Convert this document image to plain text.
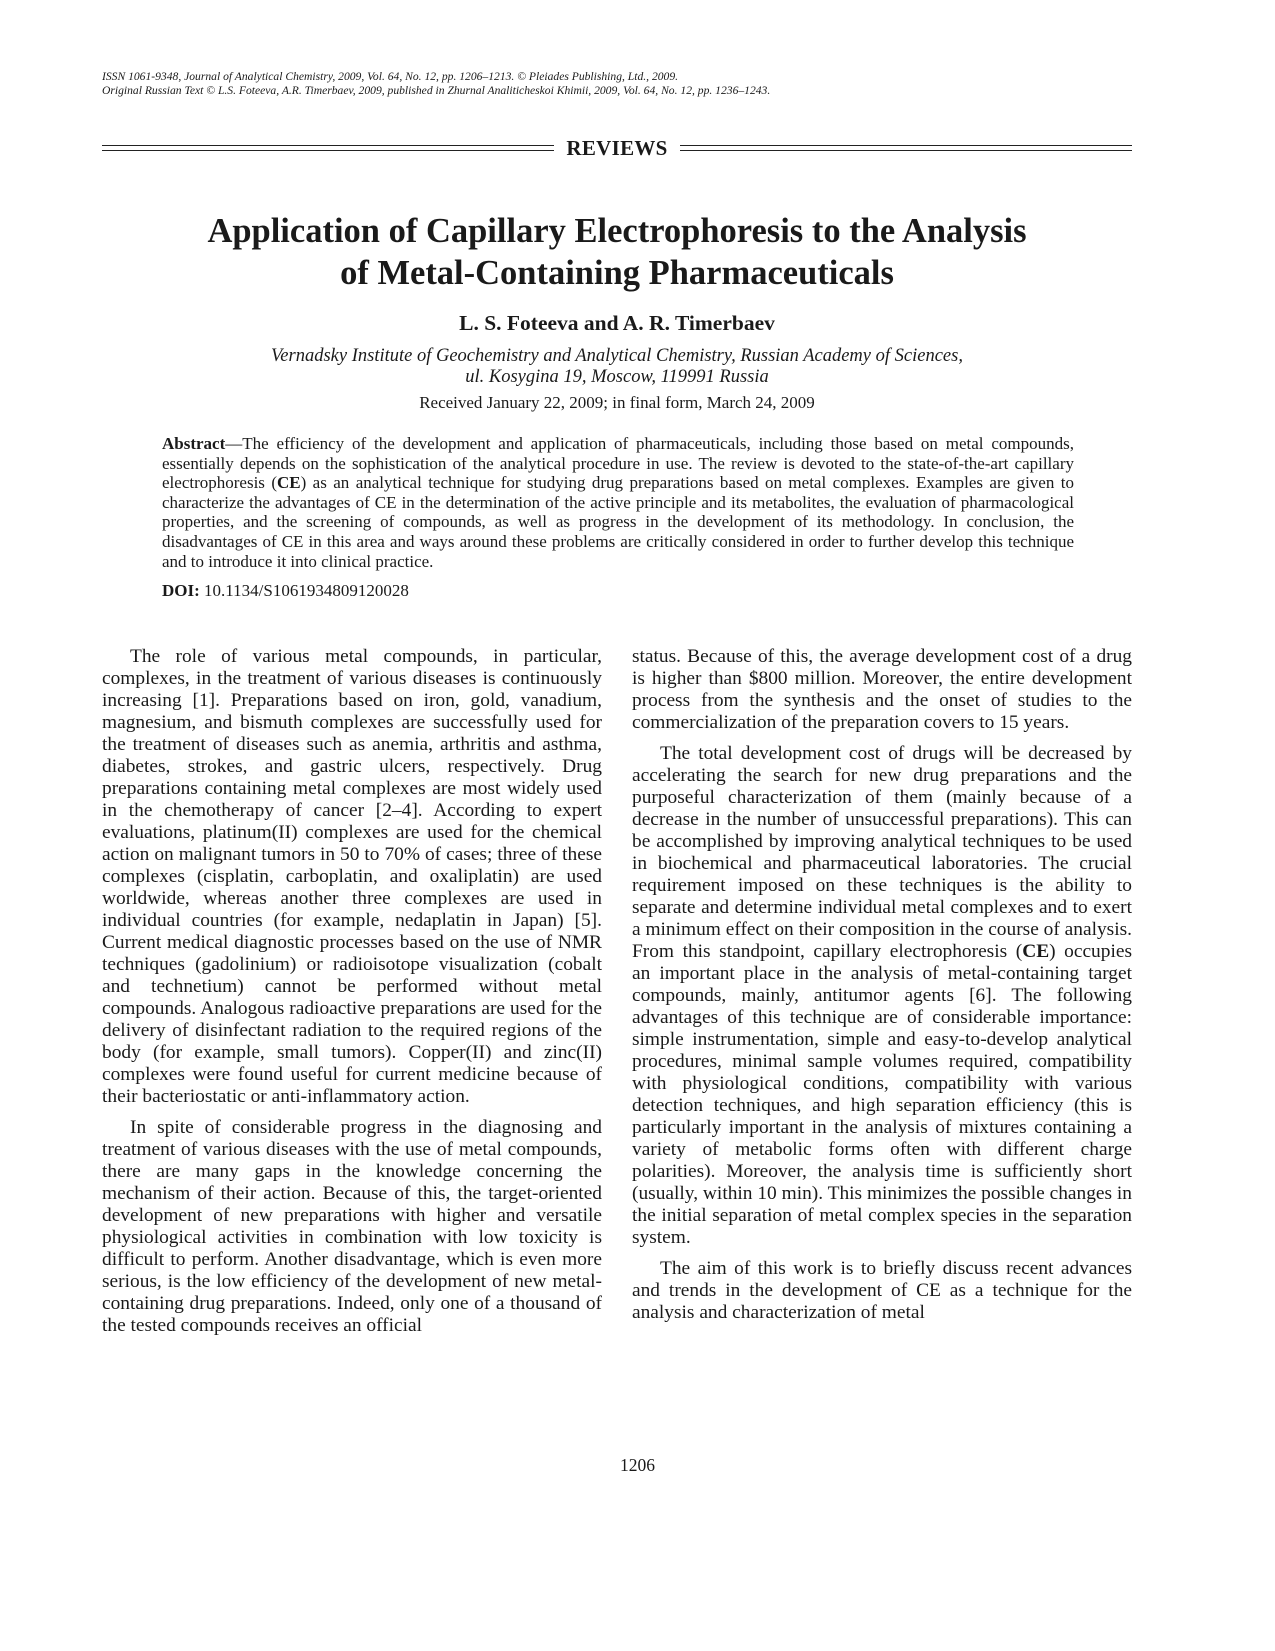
ISSN 1061-9348, Journal of Analytical Chemistry, 2009, Vol. 64, No. 12, pp. 1206–1213. © Pleiades Publishing, Ltd., 2009.
Original Russian Text © L.S. Foteeva, A.R. Timerbaev, 2009, published in Zhurnal Analiticheskoi Khimii, 2009, Vol. 64, No. 12, pp. 1236–1243.
REVIEWS
Application of Capillary Electrophoresis to the Analysis
of Metal-Containing Pharmaceuticals
L. S. Foteeva and A. R. Timerbaev
Vernadsky Institute of Geochemistry and Analytical Chemistry, Russian Academy of Sciences,
ul. Kosygina 19, Moscow, 119991 Russia
Received January 22, 2009; in final form, March 24, 2009
Abstract—The efficiency of the development and application of pharmaceuticals, including those based on metal compounds, essentially depends on the sophistication of the analytical procedure in use. The review is devoted to the state-of-the-art capillary electrophoresis (CE) as an analytical technique for studying drug preparations based on metal complexes. Examples are given to characterize the advantages of CE in the determination of the active principle and its metabolites, the evaluation of pharmacological properties, and the screening of compounds, as well as progress in the development of its methodology. In conclusion, the disadvantages of CE in this area and ways around these problems are critically considered in order to further develop this technique and to introduce it into clinical practice.
DOI: 10.1134/S1061934809120028

The role of various metal compounds, in particular, complexes, in the treatment of various diseases is continuously increasing [1]. Preparations based on iron, gold, vanadium, magnesium, and bismuth complexes are successfully used for the treatment of diseases such as anemia, arthritis and asthma, diabetes, strokes, and gastric ulcers, respectively. Drug preparations containing metal complexes are most widely used in the chemotherapy of cancer [2–4]. According to expert evaluations, platinum(II) complexes are used for the chemical action on malignant tumors in 50 to 70% of cases; three of these complexes (cisplatin, carboplatin, and oxaliplatin) are used worldwide, whereas another three complexes are used in individual countries (for example, nedaplatin in Japan) [5]. Current medical diagnostic processes based on the use of NMR techniques (gadolinium) or radioisotope visualization (cobalt and technetium) cannot be performed without metal compounds. Analogous radioactive preparations are used for the delivery of disinfectant radiation to the required regions of the body (for example, small tumors). Copper(II) and zinc(II) complexes were found useful for current medicine because of their bacteriostatic or anti-inflammatory action.

In spite of considerable progress in the diagnosing and treatment of various diseases with the use of metal compounds, there are many gaps in the knowledge concerning the mechanism of their action. Because of this, the target-oriented development of new preparations with higher and versatile physiological activities in combination with low toxicity is difficult to perform. Another disadvantage, which is even more serious, is the low efficiency of the development of new metal-containing drug preparations. Indeed, only one of a thousand of the tested compounds receives an official

status. Because of this, the average development cost of a drug is higher than $800 million. Moreover, the entire development process from the synthesis and the onset of studies to the commercialization of the preparation covers to 15 years.

The total development cost of drugs will be decreased by accelerating the search for new drug preparations and the purposeful characterization of them (mainly because of a decrease in the number of unsuccessful preparations). This can be accomplished by improving analytical techniques to be used in biochemical and pharmaceutical laboratories. The crucial requirement imposed on these techniques is the ability to separate and determine individual metal complexes and to exert a minimum effect on their composition in the course of analysis. From this standpoint, capillary electrophoresis (CE) occupies an important place in the analysis of metal-containing target compounds, mainly, antitumor agents [6]. The following advantages of this technique are of considerable importance: simple instrumentation, simple and easy-to-develop analytical procedures, minimal sample volumes required, compatibility with physiological conditions, compatibility with various detection techniques, and high separation efficiency (this is particularly important in the analysis of mixtures containing a variety of metabolic forms often with different charge polarities). Moreover, the analysis time is sufficiently short (usually, within 10 min). This minimizes the possible changes in the initial separation of metal complex species in the separation system.

The aim of this work is to briefly discuss recent advances and trends in the development of CE as a technique for the analysis and characterization of metal

1206
